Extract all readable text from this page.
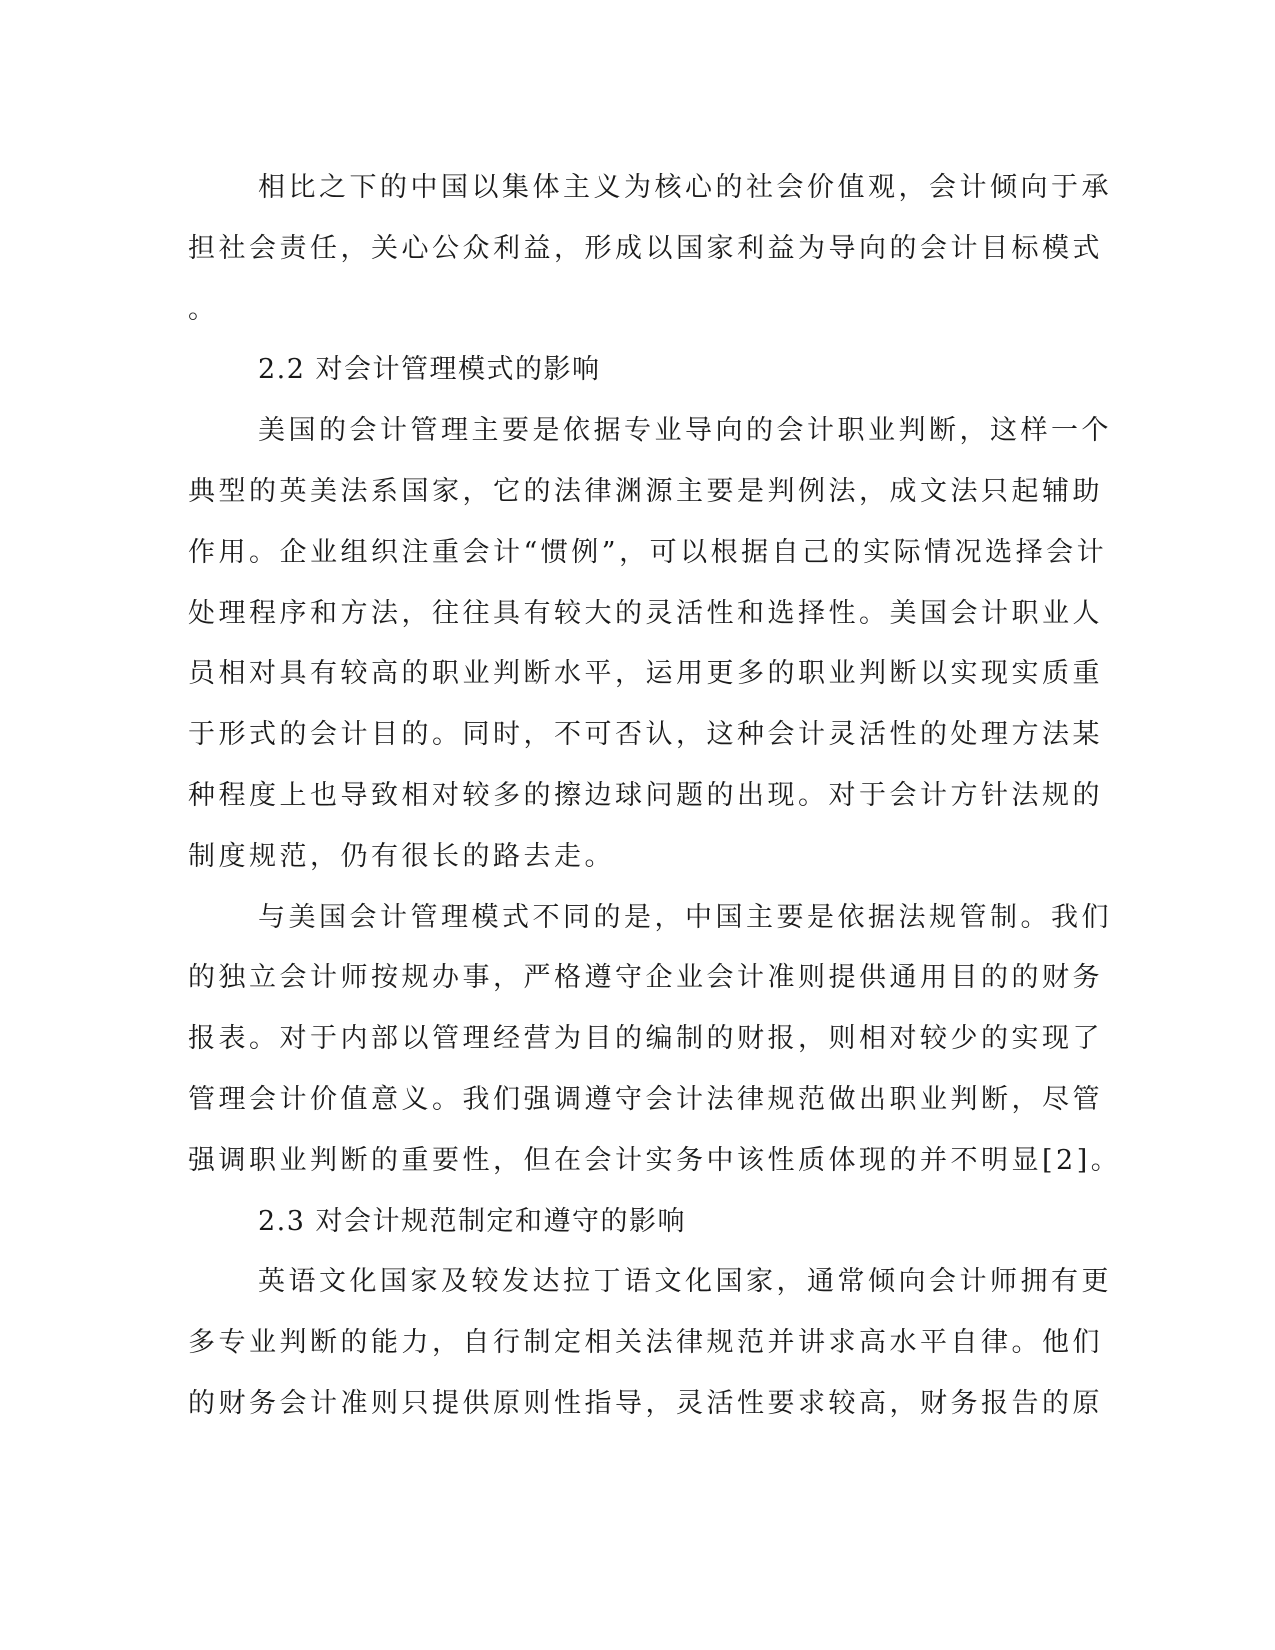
相比之下的中国以集体主义为核心的社会价值观，会计倾向于承
担社会责任，关心公众利益，形成以国家利益为导向的会计目标模式
。

2.2 对会计管理模式的影响

美国的会计管理主要是依据专业导向的会计职业判断，这样一个
典型的英美法系国家，它的法律渊源主要是判例法，成文法只起辅助
作用。企业组织注重会计“惯例”，可以根据自己的实际情况选择会计
处理程序和方法，往往具有较大的灵活性和选择性。美国会计职业人
员相对具有较高的职业判断水平，运用更多的职业判断以实现实质重
于形式的会计目的。同时，不可否认，这种会计灵活性的处理方法某
种程度上也导致相对较多的擦边球问题的出现。对于会计方针法规的
制度规范，仍有很长的路去走。

与美国会计管理模式不同的是，中国主要是依据法规管制。我们
的独立会计师按规办事，严格遵守企业会计准则提供通用目的的财务
报表。对于内部以管理经营为目的编制的财报，则相对较少的实现了
管理会计价值意义。我们强调遵守会计法律规范做出职业判断，尽管
强调职业判断的重要性，但在会计实务中该性质体现的并不明显[2]。

2.3 对会计规范制定和遵守的影响

英语文化国家及较发达拉丁语文化国家，通常倾向会计师拥有更
多专业判断的能力，自行制定相关法律规范并讲求高水平自律。他们
的财务会计准则只提供原则性指导，灵活性要求较高，财务报告的原
